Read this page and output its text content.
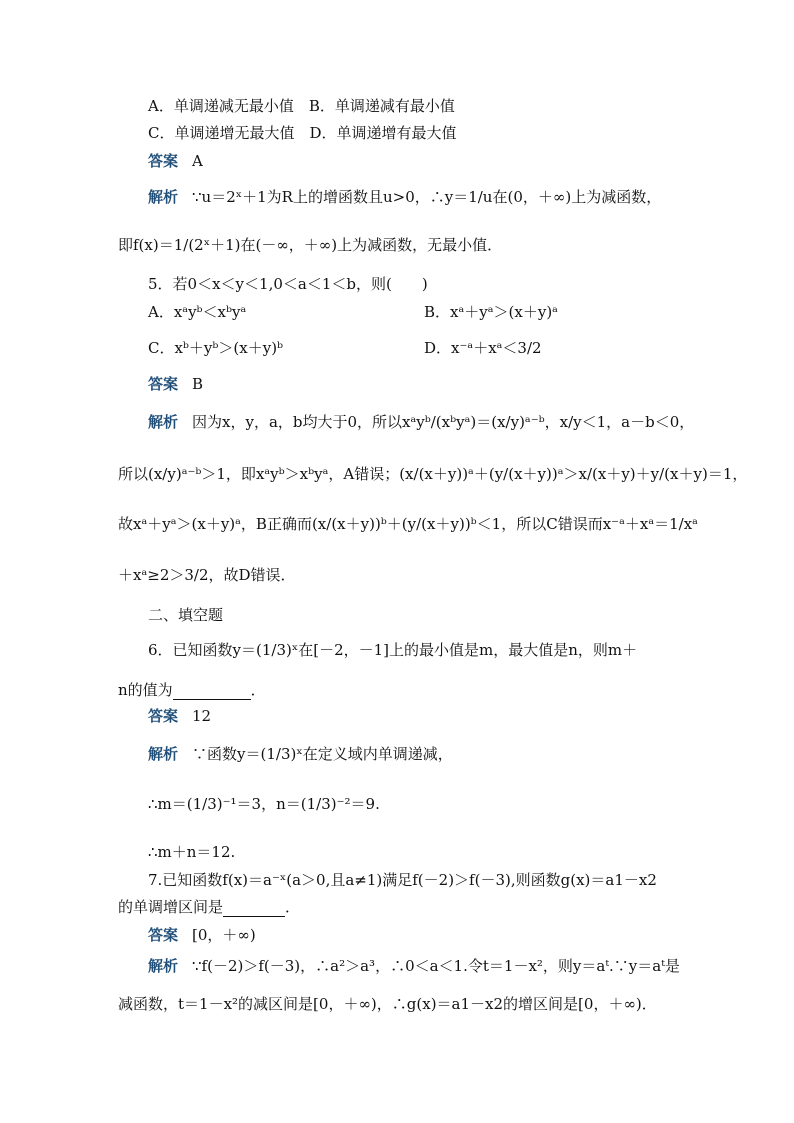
A．单调递减无最小值　B．单调递减有最小值
C．单调递增无最大值　D．单调递增有最大值
答案 A
解析 ∵u＝2ˣ＋1为R上的增函数且u>0，∴y＝1/u在(0，＋∞)上为减函数，
即f(x)＝1/(2ˣ＋1)在(－∞，＋∞)上为减函数，无最小值．
5．若0＜x＜y＜1,0＜a＜1＜b，则(　　)
A．xᵃyᵇ＜xᵇyᵃ	B．xᵃ＋yᵃ＞(x＋y)ᵃ
C．xᵇ＋yᵇ＞(x＋y)ᵇ	D．x⁻ᵃ＋xᵃ＜3/2
答案 B
解析 因为x，y，a，b均大于0，所以xᵃyᵇ/(xᵇyᵃ)＝(x/y)ᵃ⁻ᵇ，x/y＜1，a－b＜0，
所以(x/y)ᵃ⁻ᵇ＞1，即xᵃyᵇ＞xᵇyᵃ，A错误；(x/(x＋y))ᵃ＋(y/(x＋y))ᵃ＞x/(x＋y)＋y/(x＋y)＝1，
故xᵃ＋yᵃ＞(x＋y)ᵃ，B正确而(x/(x＋y))ᵇ＋(y/(x＋y))ᵇ＜1，所以C错误而x⁻ᵃ＋xᵃ＝1/xᵃ
＋xᵃ≥2＞3/2，故D错误．
二、填空题
6．已知函数y＝(1/3)ˣ在[－2，－1]上的最小值是m，最大值是n，则m＋
n的值为	．
答案 12
解析 ∵函数y＝(1/3)ˣ在定义域内单调递减，
∴m＝(1/3)⁻¹＝3，n＝(1/3)⁻²＝9.
∴m＋n＝12.
7.已知函数f(x)＝a⁻ˣ(a＞0,且a≠1)满足f(－2)＞f(－3),则函数g(x)＝a1－x2
的单调增区间是	．
答案 [0，＋∞)
解析 ∵f(－2)＞f(－3)，∴a²＞a³，∴0＜a＜1.令t＝1－x²，则y＝aᵗ.∵y＝aᵗ是
减函数，t＝1－x²的减区间是[0，＋∞)，∴g(x)＝a1－x2的增区间是[0，＋∞)．
